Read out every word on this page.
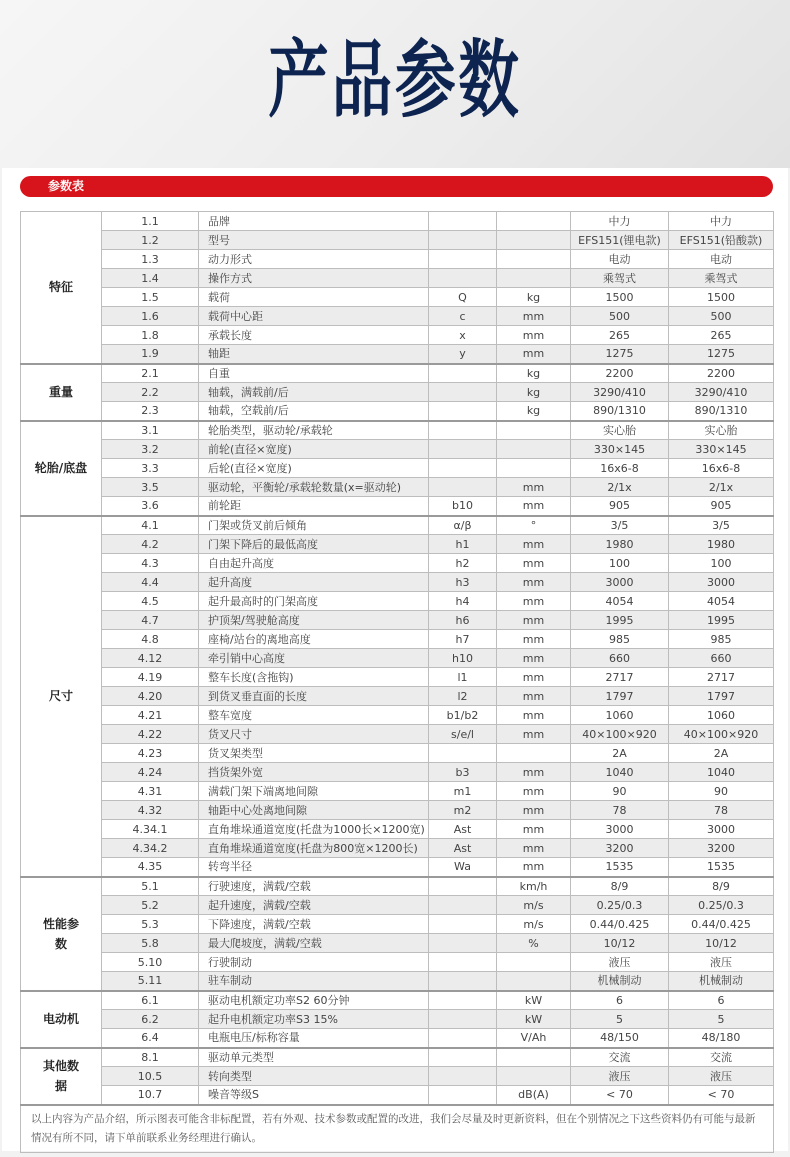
产品参数
参数表
特征	1.1	品牌			中力	中力
	1.2	型号			EFS151(锂电款)	EFS151(铅酸款)
	1.3	动力形式			电动	电动
	1.4	操作方式			乘驾式	乘驾式
	1.5	载荷	Q	kg	1500	1500
	1.6	载荷中心距	c	mm	500	500
	1.8	承载长度	x	mm	265	265
	1.9	轴距	y	mm	1275	1275
重量	2.1	自重		kg	2200	2200
	2.2	轴载，满载前/后		kg	3290/410	3290/410
	2.3	轴载，空载前/后		kg	890/1310	890/1310
轮胎/底盘	3.1	轮胎类型，驱动轮/承载轮			实心胎	实心胎
	3.2	前轮(直径×宽度)			330×145	330×145
	3.3	后轮(直径×宽度)			16x6-8	16x6-8
	3.5	驱动轮，平衡轮/承载轮数量(x=驱动轮)		mm	2/1x	2/1x
	3.6	前轮距	b10	mm	905	905
尺寸	4.1	门架或货叉前后倾角	α/β	°	3/5	3/5
	4.2	门架下降后的最低高度	h1	mm	1980	1980
	4.3	自由起升高度	h2	mm	100	100
	4.4	起升高度	h3	mm	3000	3000
	4.5	起升最高时的门架高度	h4	mm	4054	4054
	4.7	护顶架/驾驶舱高度	h6	mm	1995	1995
	4.8	座椅/站台的离地高度	h7	mm	985	985
	4.12	牵引销中心高度	h10	mm	660	660
	4.19	整车长度(含拖钩)	l1	mm	2717	2717
	4.20	到货叉垂直面的长度	l2	mm	1797	1797
	4.21	整车宽度	b1/b2	mm	1060	1060
	4.22	货叉尺寸	s/e/l	mm	40×100×920	40×100×920
	4.23	货叉架类型			2A	2A
	4.24	挡货架外宽	b3	mm	1040	1040
	4.31	满载门架下端离地间隙	m1	mm	90	90
	4.32	轴距中心处离地间隙	m2	mm	78	78
	4.34.1	直角堆垛通道宽度(托盘为1000长×1200宽)	Ast	mm	3000	3000
	4.34.2	直角堆垛通道宽度(托盘为800宽×1200长)	Ast	mm	3200	3200
	4.35	转弯半径	Wa	mm	1535	1535
性能参数	5.1	行驶速度，满载/空载		km/h	8/9	8/9
	5.2	起升速度，满载/空载		m/s	0.25/0.3	0.25/0.3
	5.3	下降速度，满载/空载		m/s	0.44/0.425	0.44/0.425
	5.8	最大爬坡度，满载/空载		%	10/12	10/12
	5.10	行驶制动			液压	液压
	5.11	驻车制动			机械制动	机械制动
电动机	6.1	驱动电机额定功率S2 60分钟		kW	6	6
	6.2	起升电机额定功率S3 15%		kW	5	5
	6.4	电瓶电压/标称容量		V/Ah	48/150	48/180
其他数据	8.1	驱动单元类型			交流	交流
	10.5	转向类型			液压	液压
	10.7	噪音等级S		dB(A)	< 70	< 70
以上内容为产品介绍，所示图表可能含非标配置，若有外观、技术参数或配置的改进，我们会尽量及时更新资料，但在个别情况之下这些资料仍有可能与最新情况有所不同，请下单前联系业务经理进行确认。						
